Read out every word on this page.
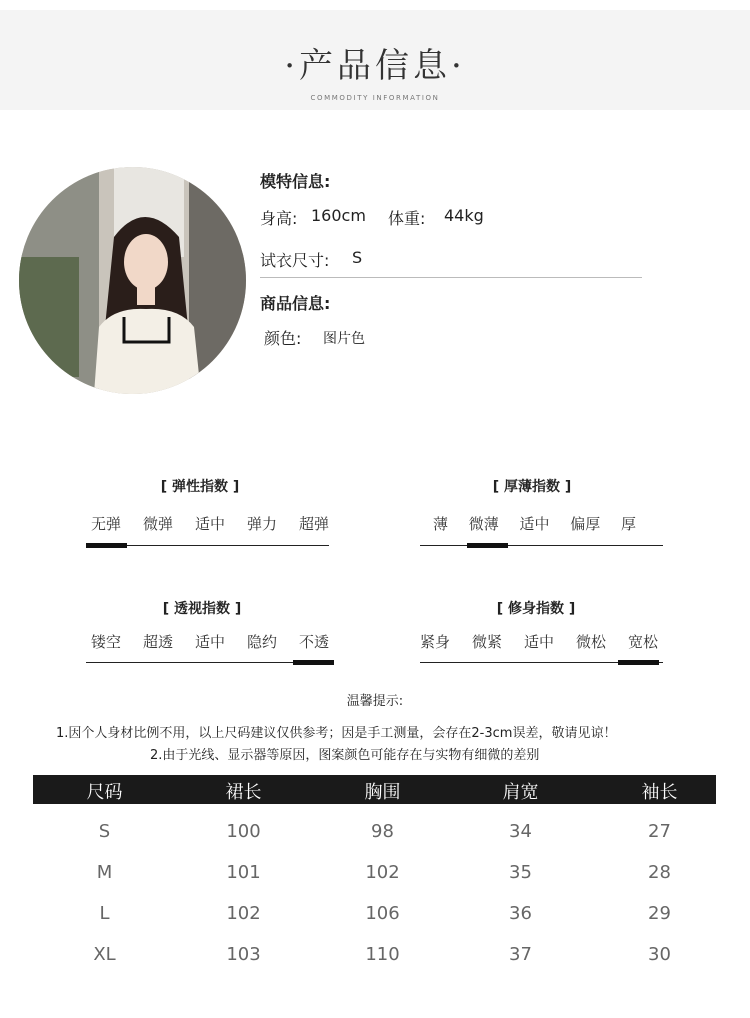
·产品信息·
COMMODITY INFORMATION
模特信息:
身高: 160cm 体重: 44kg
试衣尺寸: S
商品信息:
颜色: 图片色
[ 弹性指数 ]
无弹 微弹 适中 弹力 超弹
[ 厚薄指数 ]
薄 微薄 适中 偏厚 厚
[ 透视指数 ]
镂空 超透 适中 隐约 不透
[ 修身指数 ]
紧身 微紧 适中 微松 宽松
温馨提示:
1.因个人身材比例不用，以上尺码建议仅供参考；因是手工测量，会存在2-3cm误差，敬请见谅！
2.由于光线、显示器等原因，图案颜色可能存在与实物有细微的差别
尺码	裙长	胸围	肩宽	袖长
S	100	98	34	27
M	101	102	35	28
L	102	106	36	29
XL	103	110	37	30
